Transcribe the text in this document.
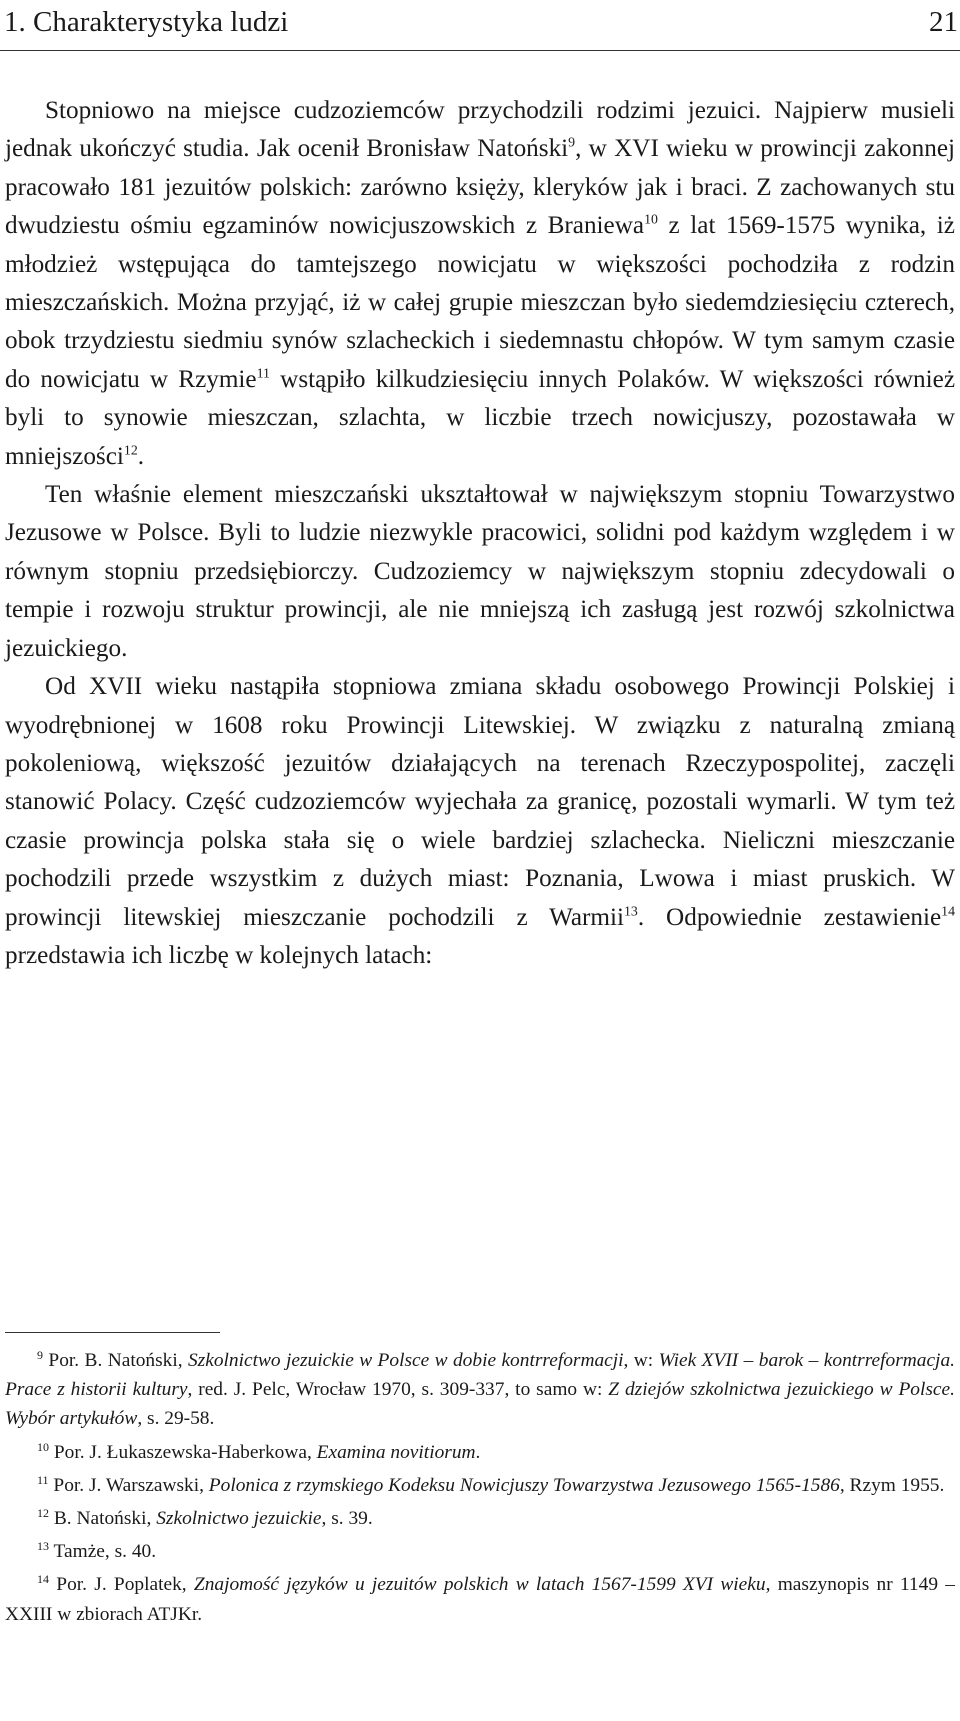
1. Charakterystyka ludzi	21

Stopniowo na miejsce cudzoziemców przychodzili rodzimi jezuici. Najpierw musieli jednak ukończyć studia. Jak ocenił Bronisław Natoński$^9$, w XVI wieku w prowincji zakonnej pracowało 181 jezuitów polskich: zarówno księży, kleryków jak i braci. Z zachowanych stu dwudziestu ośmiu egzaminów nowicjuszowskich z Braniewa$^{10}$ z lat 1569-1575 wynika, iż młodzież wstępująca do tamtejszego nowicjatu w większości pochodziła z rodzin mieszczańskich. Można przyjąć, iż w całej grupie mieszczan było siedemdziesięciu czterech, obok trzydziestu siedmiu synów szlacheckich i siedemnastu chłopów. W tym samym czasie do nowicjatu w Rzymie$^{11}$ wstąpiło kilkudziesięciu innych Polaków. W większości również byli to synowie mieszczan, szlachta, w liczbie trzech nowicjuszy, pozostawała w mniejszości$^{12}$.

Ten właśnie element mieszczański ukształtował w największym stopniu Towarzystwo Jezusowe w Polsce. Byli to ludzie niezwykle pracowici, solidni pod każdym względem i w równym stopniu przedsiębiorczy. Cudzoziemcy w największym stopniu zdecydowali o tempie i rozwoju struktur prowincji, ale nie mniejszą ich zasługą jest rozwój szkolnictwa jezuickiego.

Od XVII wieku nastąpiła stopniowa zmiana składu osobowego Prowincji Polskiej i wyodrębnionej w 1608 roku Prowincji Litewskiej. W związku z naturalną zmianą pokoleniową, większość jezuitów działających na terenach Rzeczypospolitej, zaczęli stanowić Polacy. Część cudzoziemców wyjechała za granicę, pozostali wymarli. W tym też czasie prowincja polska stała się o wiele bardziej szlachecka. Nieliczni mieszczanie pochodzili przede wszystkim z dużych miast: Poznania, Lwowa i miast pruskich. W prowincji litewskiej mieszczanie pochodzili z Warmii$^{13}$. Odpowiednie zestawienie$^{14}$ przedstawia ich liczbę w kolejnych latach:

$^9$ Por. B. Natoński, Szkolnictwo jezuickie w Polsce w dobie kontrreformacji, w: Wiek XVII – barok – kontrreformacja. Prace z historii kultury, red. J. Pelc, Wrocław 1970, s. 309-337, to samo w: Z dziejów szkolnictwa jezuickiego w Polsce. Wybór artykułów, s. 29-58.

$^{10}$ Por. J. Łukaszewska-Haberkowa, Examina novitiorum.

$^{11}$ Por. J. Warszawski, Polonica z rzymskiego Kodeksu Nowicjuszy Towarzystwa Jezusowego 1565-1586, Rzym 1955.

$^{12}$ B. Natoński, Szkolnictwo jezuickie, s. 39.

$^{13}$ Tamże, s. 40.

$^{14}$ Por. J. Poplatek, Znajomość języków u jezuitów polskich w latach 1567-1599 XVI wieku, maszynopis nr 1149 – XXIII w zbiorach ATJKr.
